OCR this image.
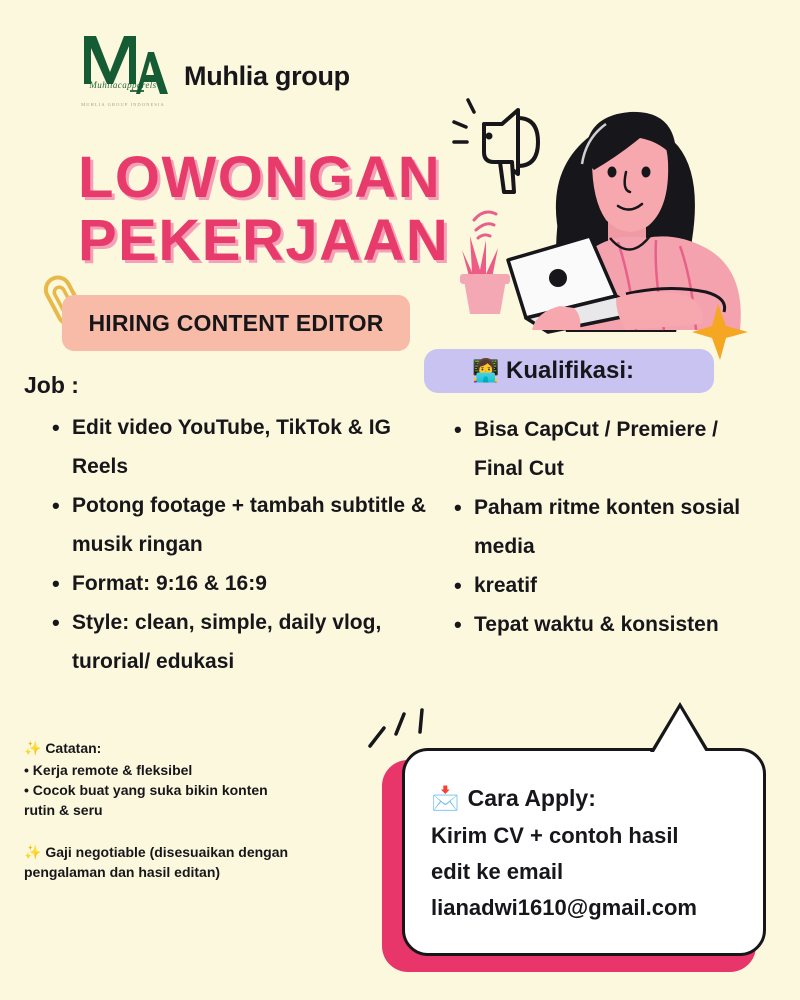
Muhliacapparels
MUHLIA GROUP INDONESIA
Muhlia group
LOWONGAN
PEKERJAAN
HIRING CONTENT EDITOR
Job :
• Edit video YouTube, TikTok & IG Reels
• Potong footage + tambah subtitle & musik ringan
• Format: 9:16 & 16:9
• Style: clean, simple, daily vlog, turorial/ edukasi
👩‍💻 Kualifikasi:
• Bisa CapCut / Premiere / Final Cut
• Paham ritme konten sosial media
• kreatif
• Tepat waktu & konsisten
✨ Catatan:
• Kerja remote & fleksibel
• Cocok buat yang suka bikin konten
rutin & seru
✨ Gaji negotiable (disesuaikan dengan pengalaman dan hasil editan)
📩 Cara Apply:
Kirim CV + contoh hasil
edit ke email
lianadwi1610@gmail.com
